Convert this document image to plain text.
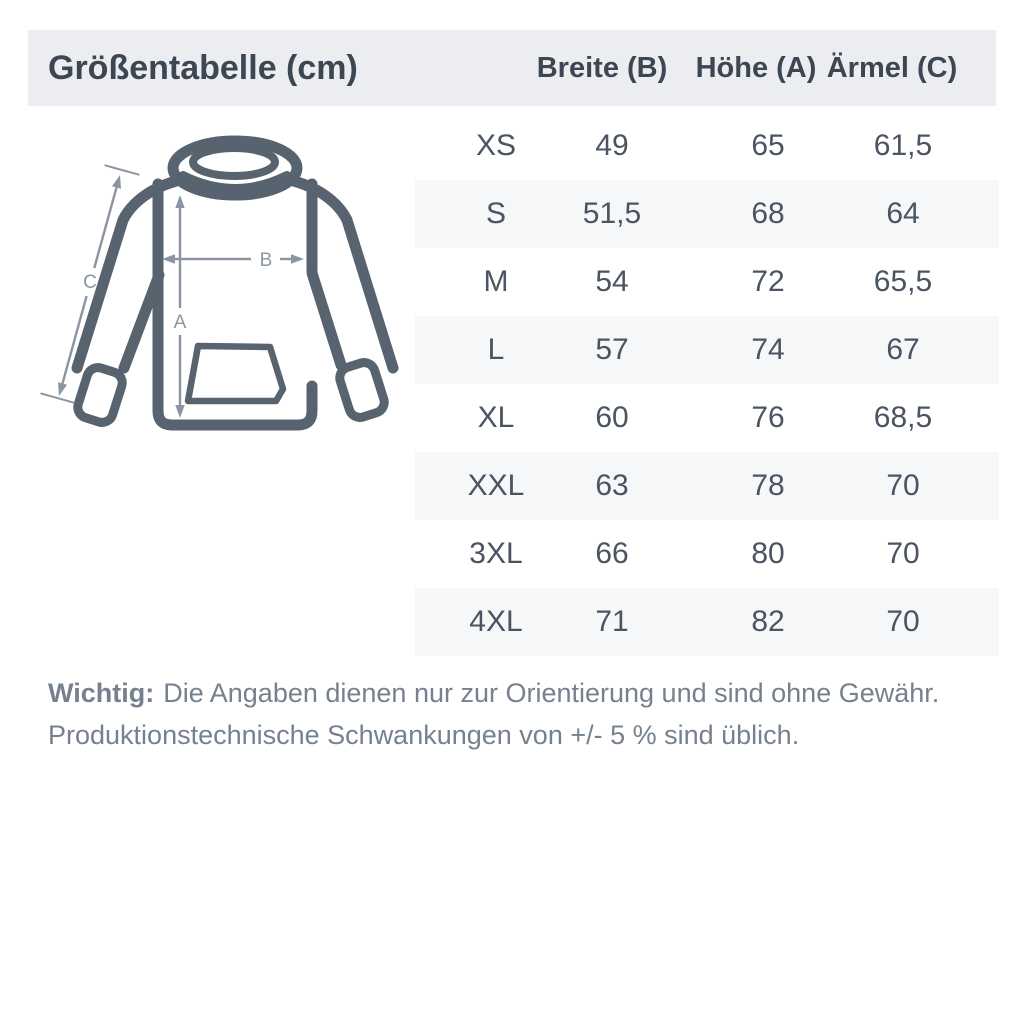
Größentabelle (cm)	Breite (B) Höhe (A) Ärmel (C)
XS	49	65	61,5
S	51,5	68	64
M	54	72	65,5
L	57	74	67
XL	60	76	68,5
XXL 63	78	70
3XL 66	80	70
4XL 71	82	70
A
B
C
Wichtig: Die Angaben dienen nur zur Orientierung und sind ohne Gewähr.
Produktionstechnische Schwankungen von +/- 5 % sind üblich.
